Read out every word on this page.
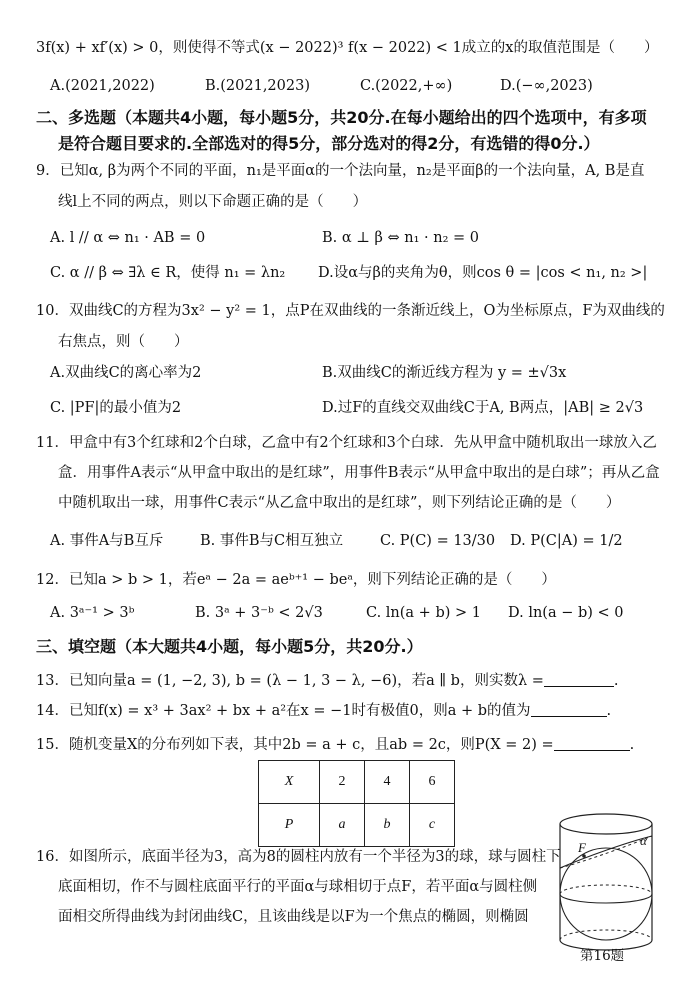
3f(x) + xf′(x) > 0，则使得不等式(x − 2022)³ f(x − 2022) < 1成立的x的取值范围是（　　）
A.(2021,2022)	B.(2021,2023)	C.(2022,+∞)	D.(−∞,2023)
二、多选题（本题共4小题，每小题5分，共20分.在每小题给出的四个选项中，有多项
是符合题目要求的.全部选对的得5分，部分选对的得2分，有选错的得0分.）
9．已知α, β为两个不同的平面，n₁是平面α的一个法向量，n₂是平面β的一个法向量，A, B是直
线l上不同的两点，则以下命题正确的是（　　）
A. l // α ⇔ n₁ · AB = 0	B. α ⊥ β ⇔ n₁ · n₂ = 0
C. α // β ⇔ ∃λ ∈ R，使得 n₁ = λn₂ D.设α与β的夹角为θ，则cos θ = |cos < n₁, n₂ >|
10．双曲线C的方程为3x² − y² = 1，点P在双曲线的一条渐近线上，O为坐标原点，F为双曲线的
右焦点，则（　　）
A.双曲线C的离心率为2	B.双曲线C的渐近线方程为 y = ±√3x
C. |PF|的最小值为2	D.过F的直线交双曲线C于A, B两点，|AB| ≥ 2√3
11．甲盒中有3个红球和2个白球，乙盒中有2个红球和3个白球．先从甲盒中随机取出一球放入乙
盒．用事件A表示“从甲盒中取出的是红球”，用事件B表示“从甲盒中取出的是白球”；再从乙盒
中随机取出一球，用事件C表示“从乙盒中取出的是红球”，则下列结论正确的是（　　）
A. 事件A与B互斥	B. 事件B与C相互独立	C. P(C) = 13/30 D. P(C|A) = 1/2
12．已知a > b > 1，若eᵃ − 2a = aeᵇ⁺¹ − beᵃ，则下列结论正确的是（　　）
A. 3ᵃ⁻¹ > 3ᵇ	B. 3ᵃ + 3⁻ᵇ < 2√3	C. ln(a + b) > 1 D. ln(a − b) < 0
三、填空题（本大题共4小题，每小题5分，共20分.）
13．已知向量a = (1, −2, 3), b = (λ − 1, 3 − λ, −6)，若a ∥ b，则实数λ =	.
14．已知f(x) = x³ + 3ax² + bx + a²在x = −1时有极值0，则a + b的值为	.
15．随机变量X的分布列如下表，其中2b = a + c，且ab = 2c，则P(X = 2) =	.
X	2	4	6
P	a	b	c
16．如图所示，底面半径为3，高为8的圆柱内放有一个半径为3的球，球与圆柱下
底面相切，作不与圆柱底面平行的平面α与球相切于点F，若平面α与圆柱侧
面相交所得曲线为封闭曲线C，且该曲线是以F为一个焦点的椭圆，则椭圆
F	α
第16题
